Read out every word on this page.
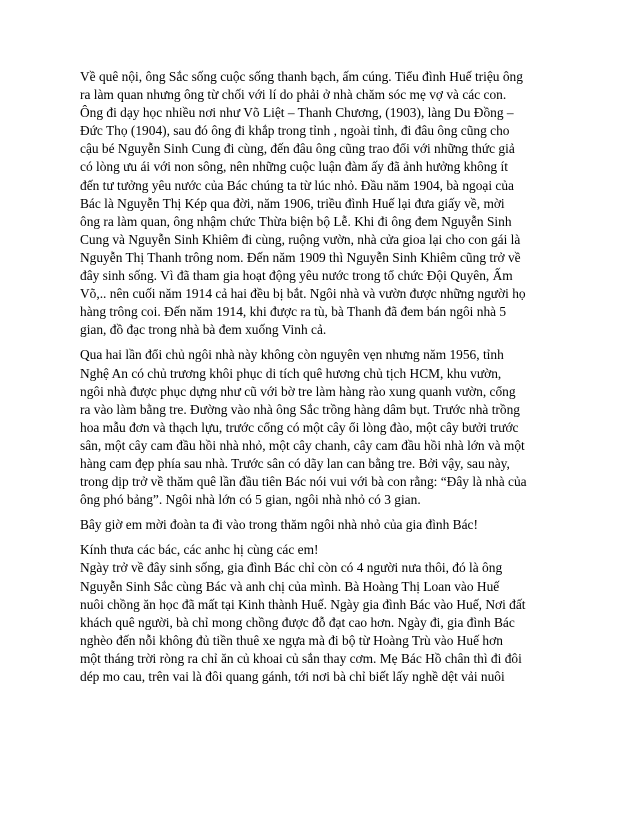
Về quê nội, ông Sắc sống cuộc sống thanh bạch, ấm cúng. Tiểu đình Huế triệu ông
ra làm quan nhưng ông từ chối với lí do phải ở nhà chăm sóc mẹ vợ và các con.
Ông đi dạy học nhiều nơi như Võ Liệt – Thanh Chương, (1903), làng Du Đồng –
Đức Thọ (1904), sau đó ông đi khắp trong tỉnh , ngoài tỉnh, đi đâu ông cũng cho
cậu bé Nguyễn Sinh Cung đi cùng, đến đâu ông cũng trao đổi với những thức giả
có lòng ưu ái với non sông, nên những cuộc luận đàm ấy đã ảnh hưởng không ít
đến tư tưởng yêu nước của Bác chúng ta từ lúc nhỏ. Đầu năm 1904, bà ngoại của
Bác là Nguyễn Thị Kép qua đời, năm 1906, triều đình Huế lại đưa giấy về, mời
ông ra làm quan, ông nhậm chức Thừa biện bộ Lễ. Khi đi ông đem Nguyễn Sinh
Cung và Nguyễn Sinh Khiêm đi cùng, ruộng vườn, nhà cửa gioa lại cho con gái là
Nguyễn Thị Thanh trông nom. Đến năm 1909 thì Nguyễn Sinh Khiêm cũng trở về
đây sinh sống. Vì đã tham gia hoạt động yêu nước trong tổ chức Đội Quyên, Ấm
Võ,.. nên cuối năm 1914 cả hai đều bị bắt. Ngôi nhà và vườn được những người họ
hàng trông coi. Đến năm 1914, khi được ra tù, bà Thanh đã đem bán ngôi nhà 5
gian, đồ đạc trong nhà bà đem xuống Vinh cả.
Qua hai lần đổi chủ ngôi nhà này không còn nguyên vẹn nhưng năm 1956, tỉnh
Nghệ An có chủ trương khôi phục di tích quê hương chủ tịch HCM, khu vườn,
ngôi nhà được phục dựng như cũ với bờ tre làm hàng rào xung quanh vườn, cổng
ra vào làm bằng tre. Đường vào nhà ông Sắc trồng hàng dâm bụt. Trước nhà trồng
hoa mẫu đơn và thạch lựu, trước cổng có một cây ổi lòng đào, một cây bưởi trước
sân, một cây cam đầu hồi nhà nhỏ, một cây chanh, cây cam đầu hồi nhà lớn và một
hàng cam đẹp phía sau nhà. Trước sân có dãy lan can bằng tre. Bởi vậy, sau này,
trong dịp trở về thăm quê lần đầu tiên Bác nói vui với bà con rằng: “Đây là nhà của
ông phó bảng”. Ngôi nhà lớn có 5 gian, ngôi nhà nhỏ có 3 gian.
Bây giờ em mời đoàn ta đi vào trong thăm ngôi nhà nhỏ của gia đình Bác!
Kính thưa các bác, các anhc hị cùng các em!
Ngày trở về đây sinh sống, gia đình Bác chỉ còn có 4 người nưa thôi, đó là ông
Nguyễn Sinh Sắc cùng Bác và anh chị của mình. Bà Hoàng Thị Loan vào Huế
nuôi chồng ăn học đã mất tại Kinh thành Huế. Ngày gia đình Bác vào Huế, Nơi đất
khách quê người, bà chỉ mong chồng được đỗ đạt cao hơn. Ngày đi, gia đình Bác
nghèo đến nỗi không đủ tiền thuê xe ngựa mà đi bộ từ Hoàng Trù vào Huế hơn
một tháng trời ròng ra chỉ ăn củ khoai củ sắn thay cơm. Mẹ Bác Hồ chân thì đi đôi
dép mo cau, trên vai là đôi quang gánh, tới nơi bà chỉ biết lấy nghề dệt vải nuôi
